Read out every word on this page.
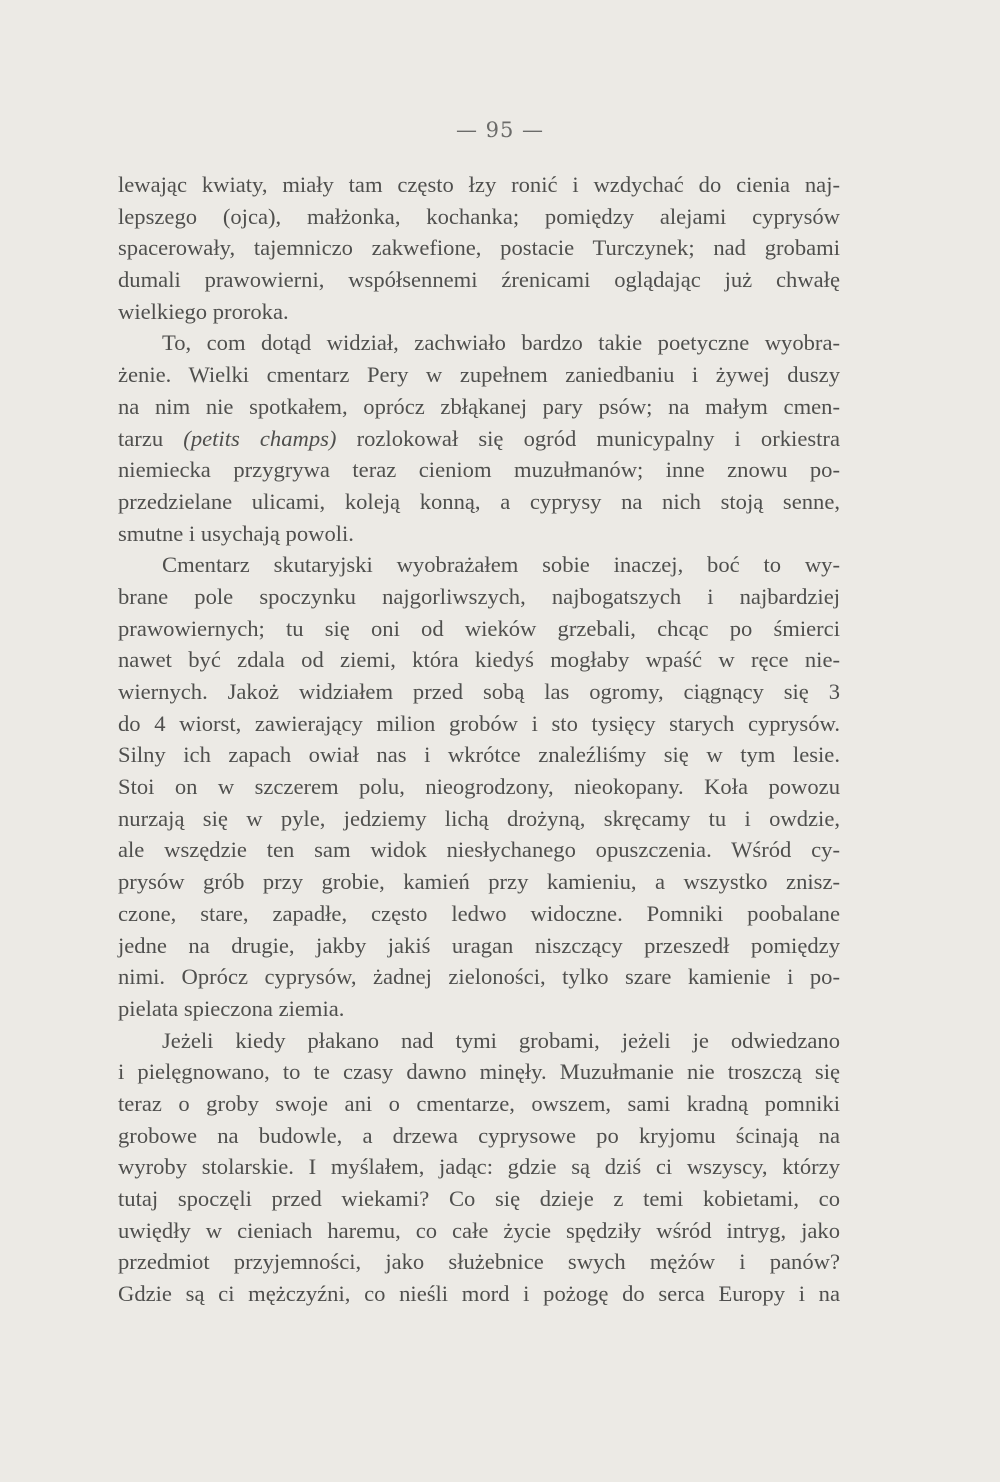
— 95 —
lewając kwiaty, miały tam często łzy ronić i wzdychać do cienia naj-
lepszego (ojca), małżonka, kochanka; pomiędzy alejami cyprysów
spacerowały, tajemniczo zakwefione, postacie Turczynek; nad grobami
dumali prawowierni, współsennemi źrenicami oglądając już chwałę
wielkiego proroka.
To, com dotąd widział, zachwiało bardzo takie poetyczne wyobra-
żenie. Wielki cmentarz Pery w zupełnem zaniedbaniu i żywej duszy
na nim nie spotkałem, oprócz zbłąkanej pary psów; na małym cmen-
tarzu (petits champs) rozlokował się ogród municypalny i orkiestra
niemiecka przygrywa teraz cieniom muzułmanów; inne znowu po-
przedzielane ulicami, koleją konną, a cyprysy na nich stoją senne,
smutne i usychają powoli.
Cmentarz skutaryjski wyobrażałem sobie inaczej, boć to wy-
brane pole spoczynku najgorliwszych, najbogatszych i najbardziej
prawowiernych; tu się oni od wieków grzebali, chcąc po śmierci
nawet być zdala od ziemi, która kiedyś mogłaby wpaść w ręce nie-
wiernych. Jakoż widziałem przed sobą las ogromy, ciągnący się 3
do 4 wiorst, zawierający milion grobów i sto tysięcy starych cyprysów.
Silny ich zapach owiał nas i wkrótce znaleźliśmy się w tym lesie.
Stoi on w szczerem polu, nieogrodzony, nieokopany. Koła powozu
nurzają się w pyle, jedziemy lichą drożyną, skręcamy tu i owdzie,
ale wszędzie ten sam widok niesłychanego opuszczenia. Wśród cy-
prysów grób przy grobie, kamień przy kamieniu, a wszystko znisz-
czone, stare, zapadłe, często ledwo widoczne. Pomniki poobalane
jedne na drugie, jakby jakiś uragan niszczący przeszedł pomiędzy
nimi. Oprócz cyprysów, żadnej zieloności, tylko szare kamienie i po-
pielata spieczona ziemia.
Jeżeli kiedy płakano nad tymi grobami, jeżeli je odwiedzano
i pielęgnowano, to te czasy dawno minęły. Muzułmanie nie troszczą się
teraz o groby swoje ani o cmentarze, owszem, sami kradną pomniki
grobowe na budowle, a drzewa cyprysowe po kryjomu ścinają na
wyroby stolarskie. I myślałem, jadąc: gdzie są dziś ci wszyscy, którzy
tutaj spoczęli przed wiekami? Co się dzieje z temi kobietami, co
uwiędły w cieniach haremu, co całe życie spędziły wśród intryg, jako
przedmiot przyjemności, jako służebnice swych mężów i panów?
Gdzie są ci mężczyźni, co nieśli mord i pożogę do serca Europy i na
